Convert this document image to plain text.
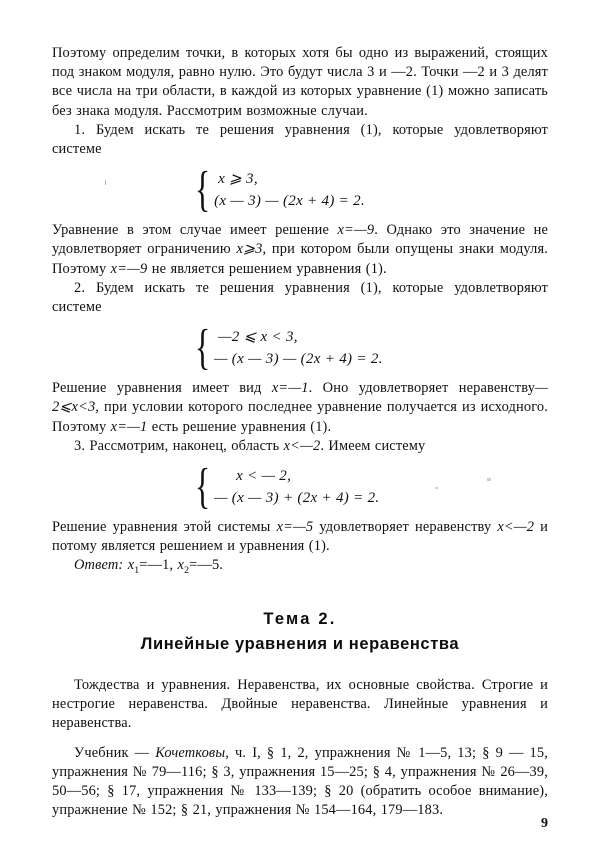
Поэтому определим точки, в которых хотя бы одно из выражений, стоящих под знаком модуля, равно нулю. Это будут числа 3 и —2. Точки —2 и 3 делят все числа на три области, в каждой из которых уравнение (1) можно записать без знака модуля. Рассмотрим возможные случаи.

1. Будем искать те решения уравнения (1), которые удовлетворяют системе

{ x ⩾ 3,
(x — 3) — (2x + 4) = 2.

Уравнение в этом случае имеет решение x=—9. Однако это значение не удовлетворяет ограничению x⩾3, при котором были опущены знаки модуля. Поэтому x=—9 не является решением уравнения (1).

2. Будем искать те решения уравнения (1), которые удовлетворяют системе

{ —2 ⩽ x < 3,
— (x — 3) — (2x + 4) = 2.

Решение уравнения имеет вид x=—1. Оно удовлетворяет неравенству—2⩽x<3, при условии которого последнее уравнение получается из исходного. Поэтому x=—1 есть решение уравнения (1).

3. Рассмотрим, наконец, область x<—2. Имеем систему

{	x < — 2,
— (x — 3) + (2x + 4) = 2.

Решение уравнения этой системы x=—5 удовлетворяет неравенству x<—2 и потому является решением и уравнения (1).

Ответ: $x_1=—1$, $x_2=—5$.

Тема 2.
Линейные уравнения и неравенства

Тождества и уравнения. Неравенства, их основные свойства. Строгие и нестрогие неравенства. Двойные неравенства. Линейные уравнения и неравенства.

Учебник — Кочетковы, ч. I, § 1, 2, упражнения № 1—5, 13; § 9 — 15, упражнения № 79—116; § 3, упражнения 15—25; § 4, упражнения № 26—39, 50—56; § 17, упражнения № 133—139; § 20 (обратить особое внимание), упражнение № 152; § 21, упражнения № 154—164, 179—183.

9
